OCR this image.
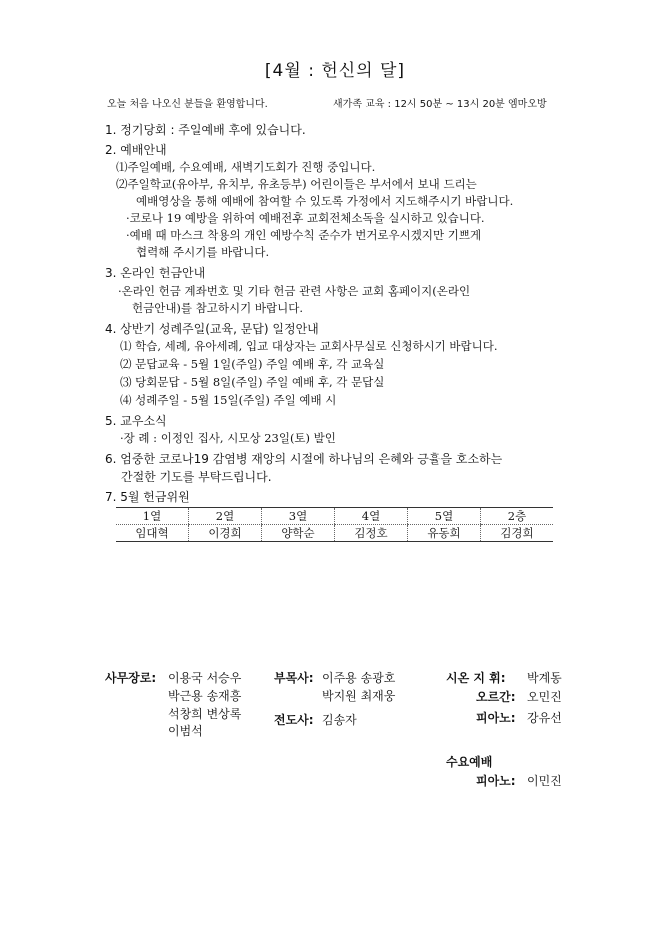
[4월 : 헌신의 달]
오늘 처음 나오신 분들을 환영합니다.	새가족 교육 : 12시 50분 ~ 13시 20분 엠마오방
1. 정기당회 : 주일예배 후에 있습니다.
2. 예배안내
⑴주일예배, 수요예배, 새벽기도회가 진행 중입니다.
⑵주일학교(유아부, 유치부, 유초등부) 어린이들은 부서에서 보내 드리는
예배영상을 통해 예배에 참여할 수 있도록 가정에서 지도해주시기 바랍니다.
·코로나 19 예방을 위하여 예배전후 교회전체소독을 실시하고 있습니다.
·예배 때 마스크 착용의 개인 예방수칙 준수가 번거로우시겠지만 기쁘게
협력해 주시기를 바랍니다.
3. 온라인 헌금안내
·온라인 헌금 계좌번호 및 기타 헌금 관련 사항은 교회 홈페이지(온라인
헌금안내)를 참고하시기 바랍니다.
4. 상반기 성례주일(교육, 문답) 일정안내
⑴ 학습, 세례, 유아세례, 입교 대상자는 교회사무실로 신청하시기 바랍니다.
⑵ 문답교육 - 5월 1일(주일) 주일 예배 후, 각 교육실
⑶ 당회문답 - 5월 8일(주일) 주일 예배 후, 각 문답실
⑷ 성례주일 - 5월 15일(주일) 주일 예배 시
5. 교우소식
·장 례 : 이정인 집사, 시모상 23일(토) 발인
6. 엄중한 코로나19 감염병 재앙의 시절에 하나님의 은혜와 긍휼을 호소하는
간절한 기도를 부탁드립니다.
7. 5월 헌금위원
1열	2열	3열	4열	5열	2층
임대혁	이경희	양학순	김정호	유동희	김경희
사무장로: 이용국 서승우
박근용 송재흥
석창희 변상록
이범석
부목사: 이주용 송광호
박지원 최재웅
전도사: 김송자
시온 지 휘: 박계동
오르간: 오민진
피아노: 강유선
수요예배
피아노: 이민진
